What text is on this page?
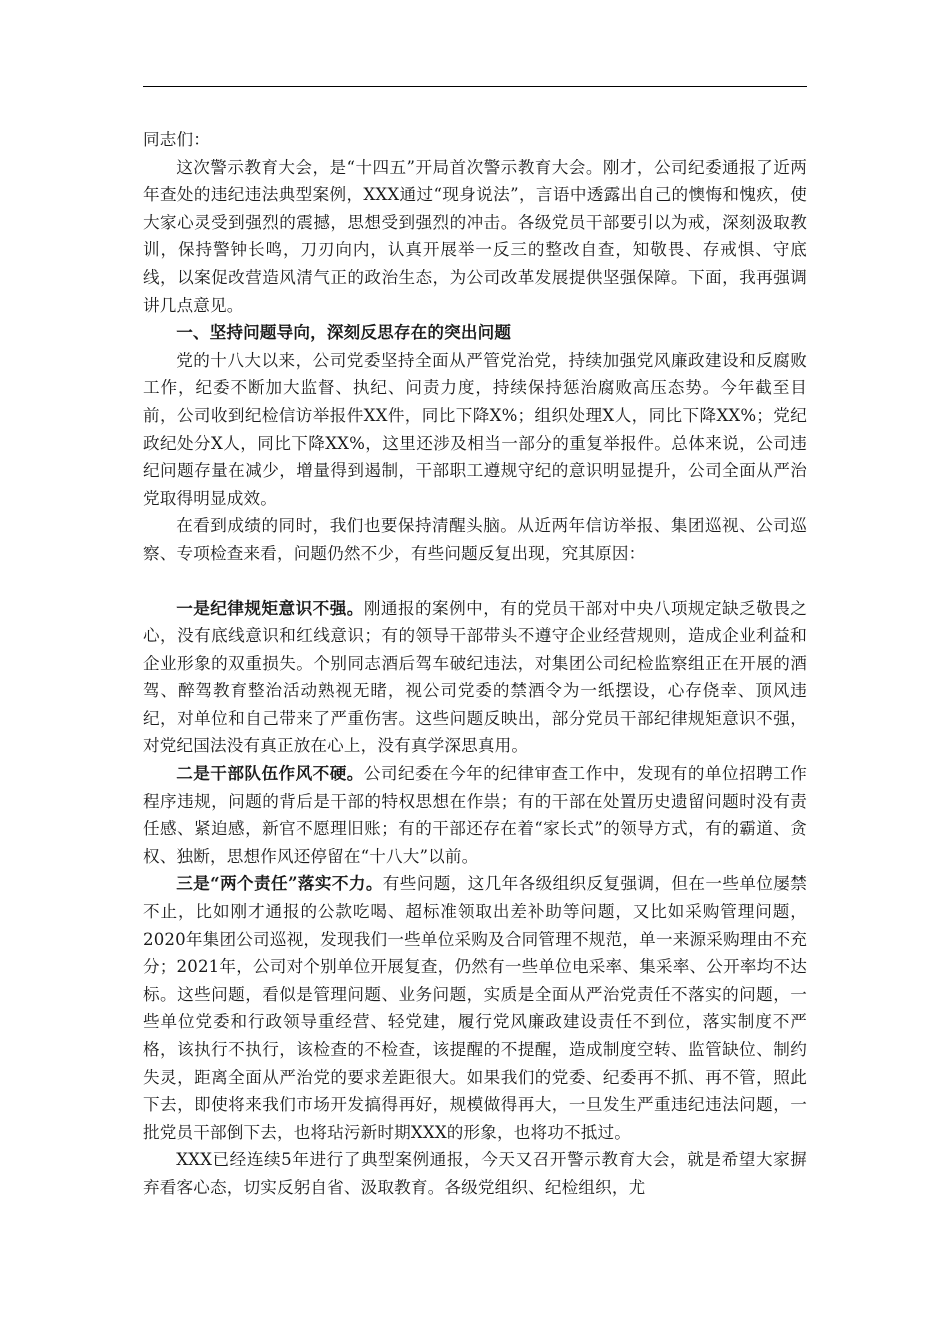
同志们：

这次警示教育大会，是“十四五”开局首次警示教育大会。刚才，公司纪委通报了近两年查处的违纪违法典型案例，XXX通过“现身说法”，言语中透露出自己的懊悔和愧疚，使大家心灵受到强烈的震撼，思想受到强烈的冲击。各级党员干部要引以为戒，深刻汲取教训，保持警钟长鸣，刀刃向内，认真开展举一反三的整改自查，知敬畏、存戒惧、守底线，以案促改营造风清气正的政治生态，为公司改革发展提供坚强保障。下面，我再强调讲几点意见。

一、坚持问题导向，深刻反思存在的突出问题

党的十八大以来，公司党委坚持全面从严管党治党，持续加强党风廉政建设和反腐败工作，纪委不断加大监督、执纪、问责力度，持续保持惩治腐败高压态势。今年截至目前，公司收到纪检信访举报件XX件，同比下降X%；组织处理X人，同比下降XX%；党纪政纪处分X人，同比下降XX%，这里还涉及相当一部分的重复举报件。总体来说，公司违纪问题存量在减少，增量得到遏制，干部职工遵规守纪的意识明显提升，公司全面从严治党取得明显成效。

在看到成绩的同时，我们也要保持清醒头脑。从近两年信访举报、集团巡视、公司巡察、专项检查来看，问题仍然不少，有些问题反复出现，究其原因：

一是纪律规矩意识不强。刚通报的案例中，有的党员干部对中央八项规定缺乏敬畏之心，没有底线意识和红线意识；有的领导干部带头不遵守企业经营规则，造成企业利益和企业形象的双重损失。个别同志酒后驾车破纪违法，对集团公司纪检监察组正在开展的酒驾、醉驾教育整治活动熟视无睹，视公司党委的禁酒令为一纸摆设，心存侥幸、顶风违纪，对单位和自己带来了严重伤害。这些问题反映出，部分党员干部纪律规矩意识不强，对党纪国法没有真正放在心上，没有真学深思真用。

二是干部队伍作风不硬。公司纪委在今年的纪律审查工作中，发现有的单位招聘工作程序违规，问题的背后是干部的特权思想在作祟；有的干部在处置历史遗留问题时没有责任感、紧迫感，新官不愿理旧账；有的干部还存在着“家长式”的领导方式，有的霸道、贪权、独断，思想作风还停留在“十八大”以前。

三是“两个责任”落实不力。有些问题，这几年各级组织反复强调，但在一些单位屡禁不止，比如刚才通报的公款吃喝、超标准领取出差补助等问题，又比如采购管理问题，2020年集团公司巡视，发现我们一些单位采购及合同管理不规范，单一来源采购理由不充分；2021年，公司对个别单位开展复查，仍然有一些单位电采率、集采率、公开率均不达标。这些问题，看似是管理问题、业务问题，实质是全面从严治党责任不落实的问题，一些单位党委和行政领导重经营、轻党建，履行党风廉政建设责任不到位，落实制度不严格，该执行不执行，该检查的不检查，该提醒的不提醒，造成制度空转、监管缺位、制约失灵，距离全面从严治党的要求差距很大。如果我们的党委、纪委再不抓、再不管，照此下去，即使将来我们市场开发搞得再好，规模做得再大，一旦发生严重违纪违法问题，一批党员干部倒下去，也将玷污新时期XXX的形象，也将功不抵过。

XXX已经连续5年进行了典型案例通报，今天又召开警示教育大会，就是希望大家摒弃看客心态，切实反躬自省、汲取教育。各级党组织、纪检组织，尤
